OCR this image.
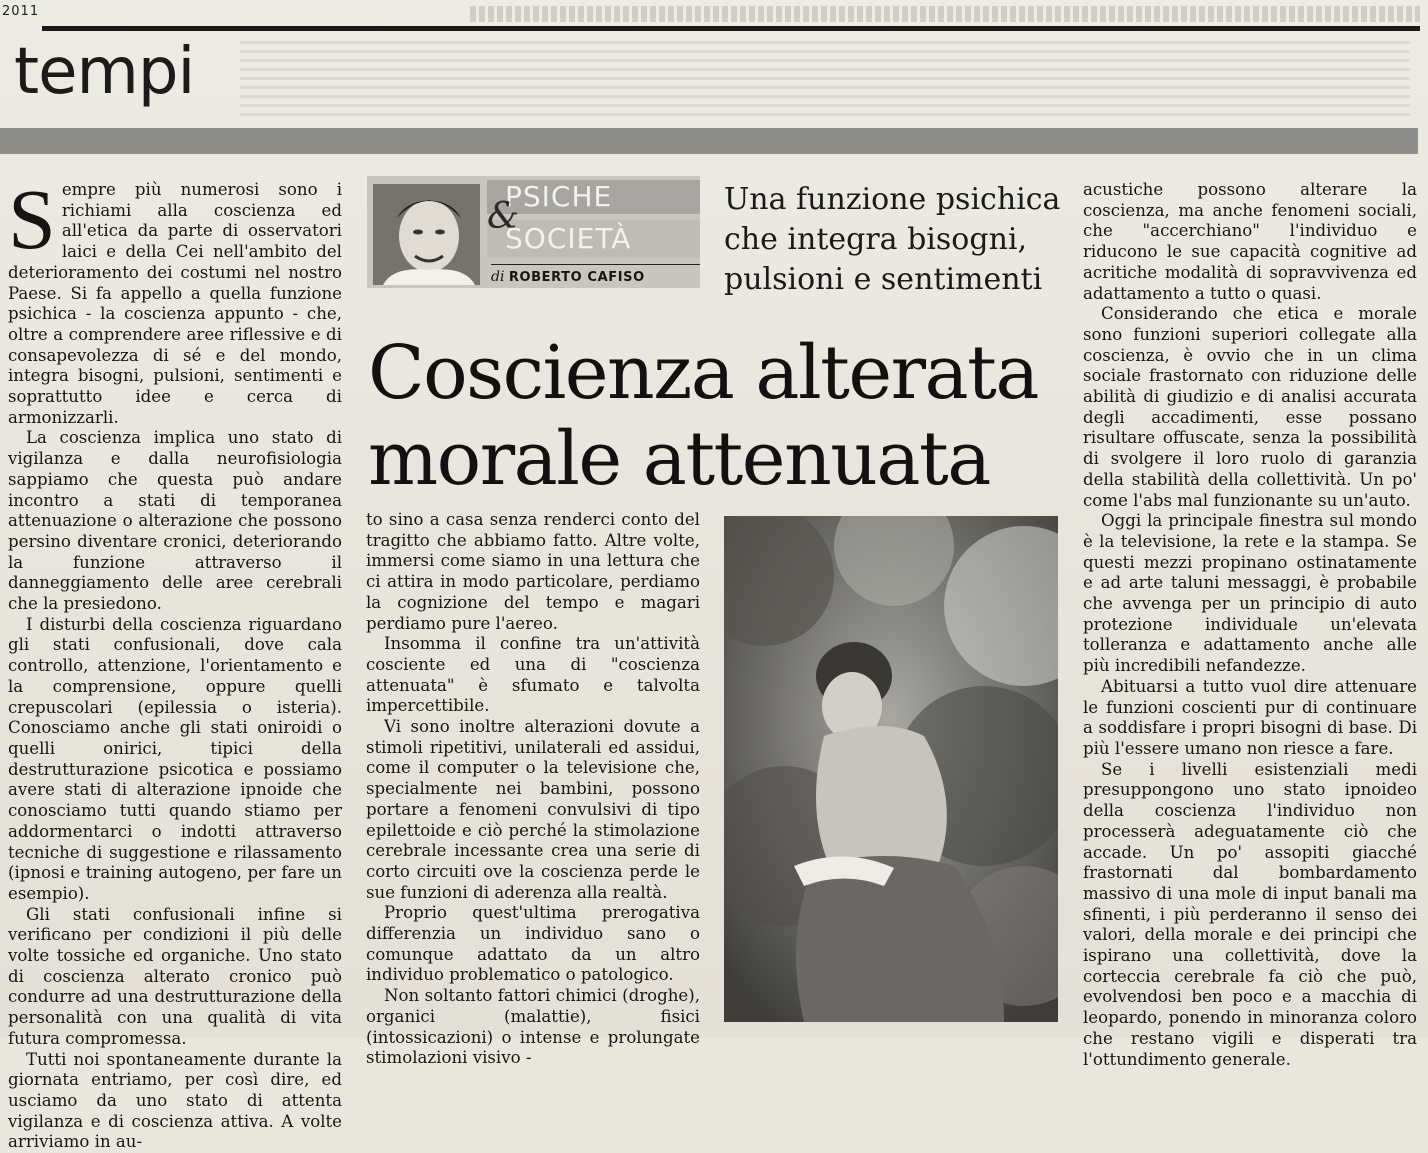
2011
tempi

Sempre più numerosi sono i richiami alla coscienza ed all'etica da parte di osservatori laici e della Cei nell'ambito del deterioramento dei costumi nel nostro Paese. Si fa appello a quella funzione psichica - la coscienza appunto - che, oltre a comprendere aree riflessive e di consapevolezza di sé e del mondo, integra bisogni, pulsioni, sentimenti e soprattutto idee e cerca di armonizzarli.

La coscienza implica uno stato di vigilanza e dalla neurofisiologia sappiamo che questa può andare incontro a stati di temporanea attenuazione o alterazione che possono persino diventare cronici, deteriorando la funzione attraverso il danneggiamento delle aree cerebrali che la presiedono.

I disturbi della coscienza riguardano gli stati confusionali, dove cala controllo, attenzione, l'orientamento e la comprensione, oppure quelli crepuscolari (epilessia o isteria). Conosciamo anche gli stati oniroidi o quelli onirici, tipici della destrutturazione psicotica e possiamo avere stati di alterazione ipnoide che conosciamo tutti quando stiamo per addormentarci o indotti attraverso tecniche di suggestione e rilassamento (ipnosi e training autogeno, per fare un esempio).

Gli stati confusionali infine si verificano per condizioni il più delle volte tossiche ed organiche. Uno stato di coscienza alterato cronico può condurre ad una destrutturazione della personalità con una qualità di vita futura compromessa.

Tutti noi spontaneamente durante la giornata entriamo, per così dire, ed usciamo da uno stato di attenta vigilanza e di coscienza attiva. A volte arriviamo in au-

PSICHE
&
SOCIETÀ
di ROBERTO CAFISO
Una funzione psichica
che integra bisogni,
pulsioni e sentimenti
Coscienza alterata
morale attenuata

to sino a casa senza renderci conto del tragitto che abbiamo fatto. Altre volte, immersi come siamo in una lettura che ci attira in modo particolare, perdiamo la cognizione del tempo e magari perdiamo pure l'aereo.

Insomma il confine tra un'attività cosciente ed una di "coscienza attenuata" è sfumato e talvolta impercettibile.

Vi sono inoltre alterazioni dovute a stimoli ripetitivi, unilaterali ed assidui, come il computer o la televisione che, specialmente nei bambini, possono portare a fenomeni convulsivi di tipo epilettoide e ciò perché la stimolazione cerebrale incessante crea una serie di corto circuiti ove la coscienza perde le sue funzioni di aderenza alla realtà.

Proprio quest'ultima prerogativa differenzia un individuo sano o comunque adattato da un altro individuo problematico o patologico.

Non soltanto fattori chimici (droghe), organici (malattie), fisici (intossicazioni) o intense e prolungate stimolazioni visivo -

acustiche possono alterare la coscienza, ma anche fenomeni sociali, che "accerchiano" l'individuo e riducono le sue capacità cognitive ad acritiche modalità di sopravvivenza ed adattamento a tutto o quasi.

Considerando che etica e morale sono funzioni superiori collegate alla coscienza, è ovvio che in un clima sociale frastornato con riduzione delle abilità di giudizio e di analisi accurata degli accadimenti, esse possano risultare offuscate, senza la possibilità di svolgere il loro ruolo di garanzia della stabilità della collettività. Un po' come l'abs mal funzionante su un'auto.

Oggi la principale finestra sul mondo è la televisione, la rete e la stampa. Se questi mezzi propinano ostinatamente e ad arte taluni messaggi, è probabile che avvenga per un principio di auto protezione individuale un'elevata tolleranza e adattamento anche alle più incredibili nefandezze.

Abituarsi a tutto vuol dire attenuare le funzioni coscienti pur di continuare a soddisfare i propri bisogni di base. Di più l'essere umano non riesce a fare.

Se i livelli esistenziali medi presuppongono uno stato ipnoideo della coscienza l'individuo non processerà adeguatamente ciò che accade. Un po' assopiti giacché frastornati dal bombardamento massivo di una mole di input banali ma sfinenti, i più perderanno il senso dei valori, della morale e dei principi che ispirano una collettività, dove la corteccia cerebrale fa ciò che può, evolvendosi ben poco e a macchia di leopardo, ponendo in minoranza coloro che restano vigili e disperati tra l'ottundimento generale.
